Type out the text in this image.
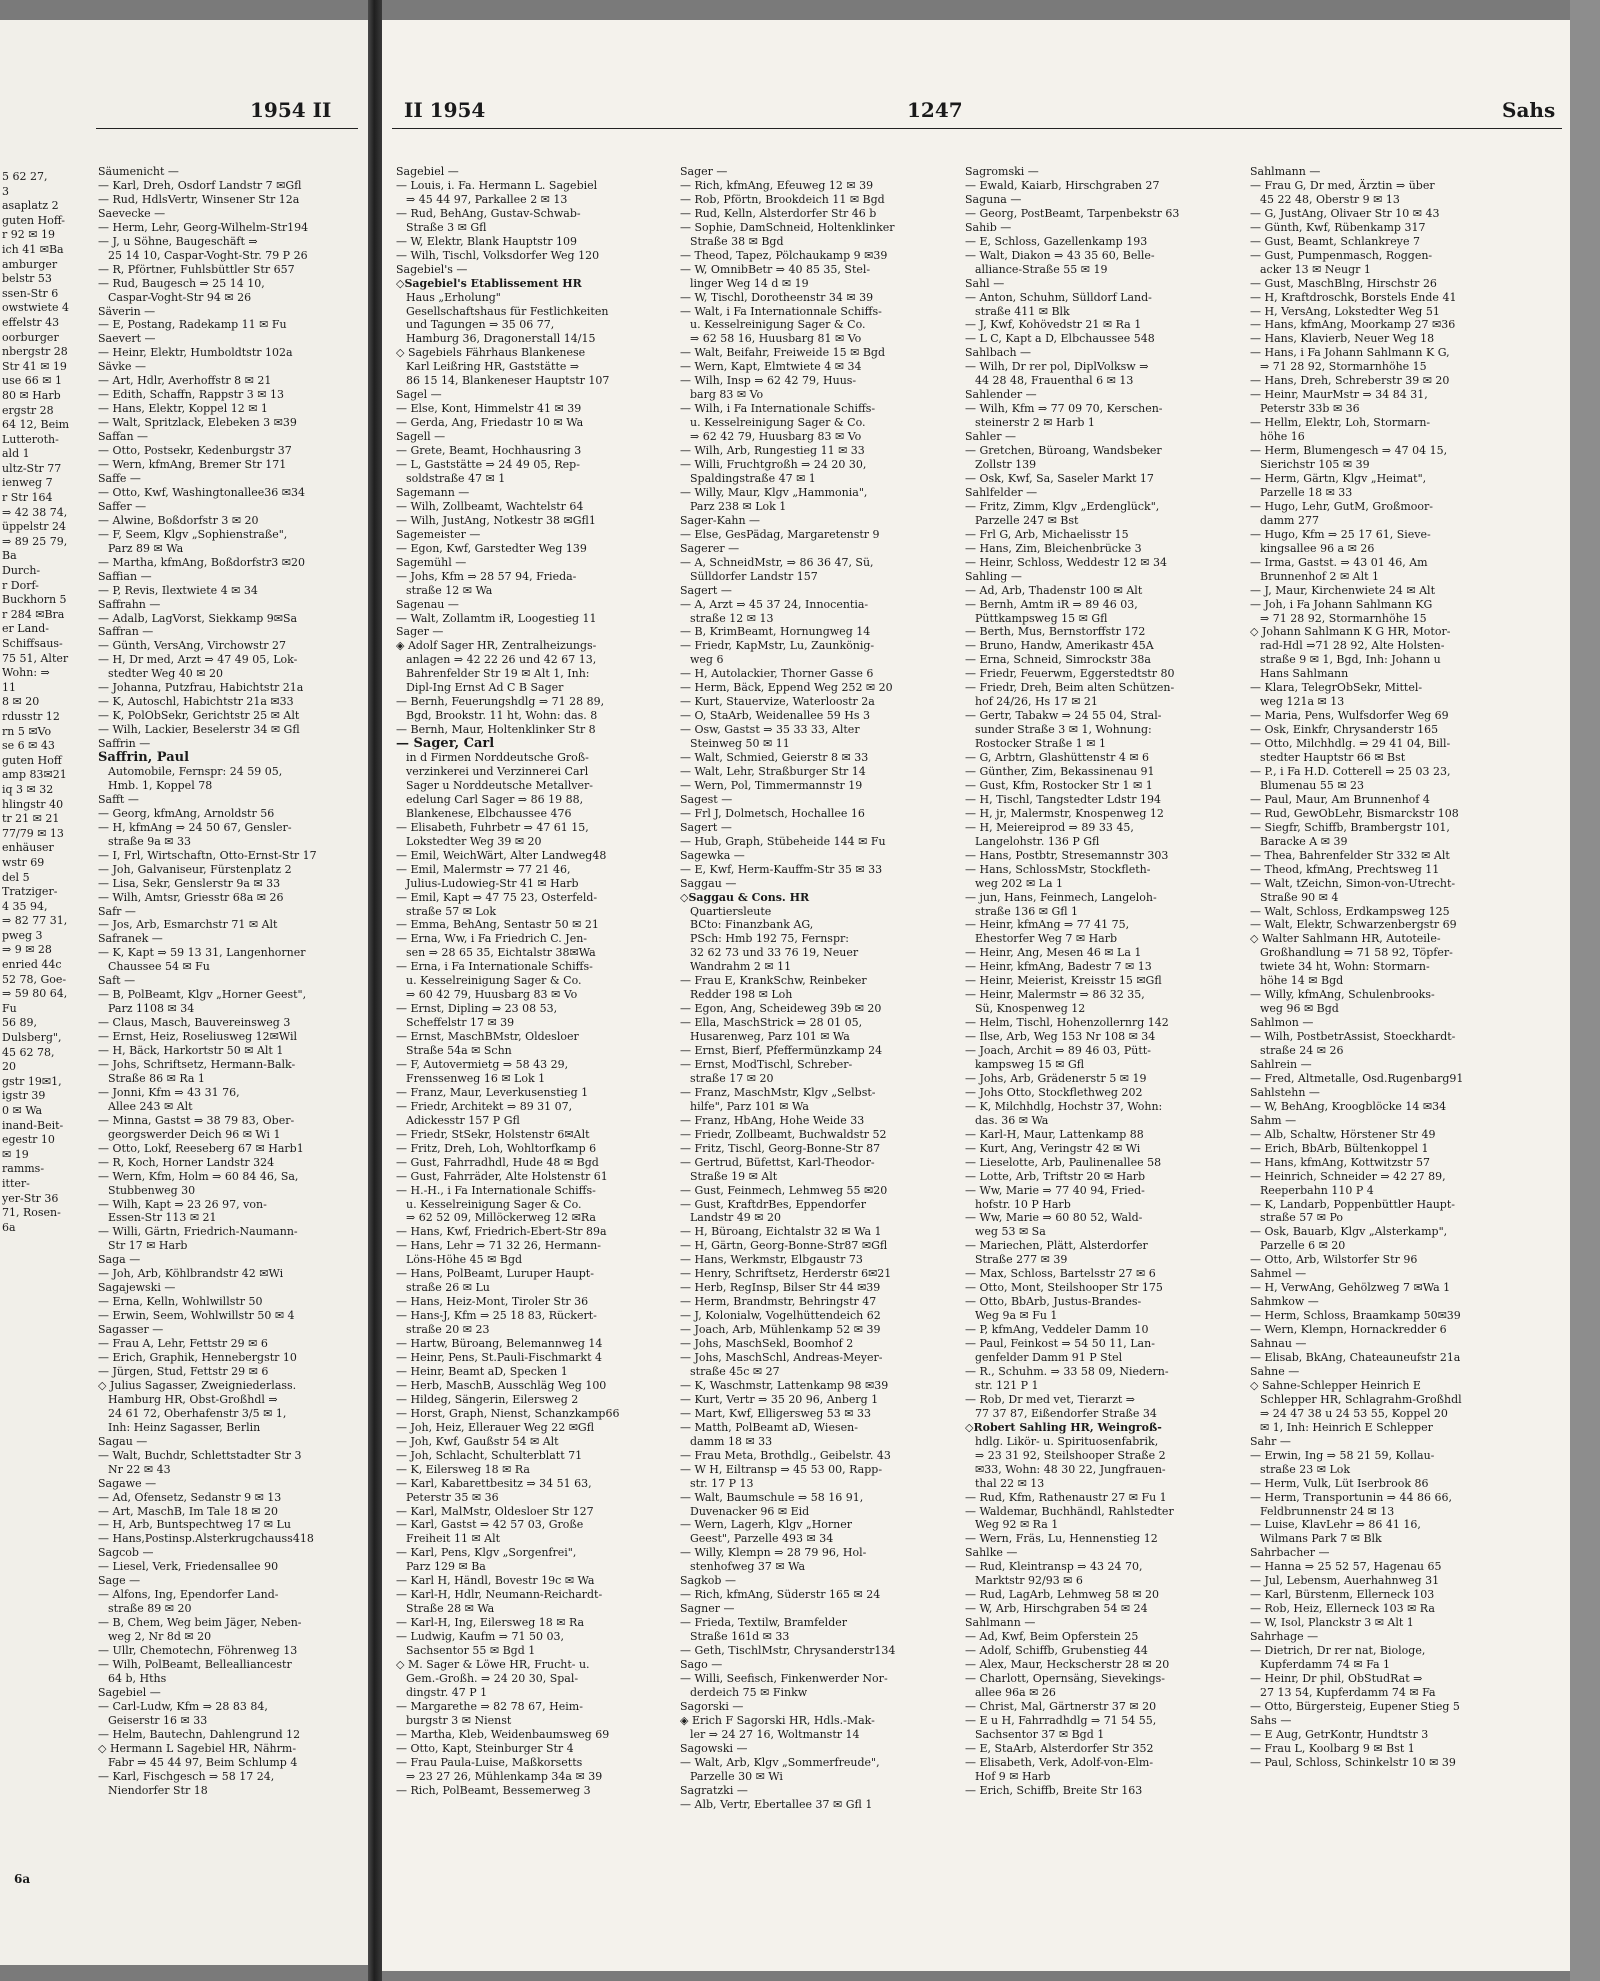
1954 II
5 62 27,
3
asaplatz 2
guten Hoff-
r 92 ✉ 19
ich 41 ✉Ba
amburger
belstr 53
ssen-Str 6
owstwiete 4
effelstr 43
oorburger
nbergstr 28
Str 41 ✉ 19
use 66 ✉ 1
80 ✉ Harb
ergstr 28
64 12, Beim
Lutteroth-
ald 1
ultz-Str 77
ienweg 7
r Str 164
⇒ 42 38 74,
üppelstr 24
⇒ 89 25 79,
Ba
Durch-
r Dorf-
Buckhorn 5
r 284 ✉Bra
er Land-
Schiffsaus-
75 51, Alter
Wohn: ⇒
11
8 ✉ 20
rdusstr 12
rn 5 ✉Vo
se 6 ✉ 43
guten Hoff
amp 83✉21
iq 3 ✉ 32
hlingstr 40
tr 21 ✉ 21
77/79 ✉ 13
enhäuser
wstr 69
del 5
Tratziger-
4 35 94,
⇒ 82 77 31,
pweg 3
⇒ 9 ✉ 28
enried 44c
52 78, Goe-
⇒ 59 80 64,
Fu
56 89,
Dulsberg",
45 62 78,
20
gstr 19✉1,
igstr 39
0 ✉ Wa
inand-Beit-
egestr 10
✉ 19
ramms-
itter-
yer-Str 36
71, Rosen-
6a
Säumenicht —
— Karl, Dreh, Osdorf Landstr 7 ✉Gfl
— Rud, HdlsVertr, Winsener Str 12a
Saevecke —
— Herm, Lehr, Georg-Wilhelm-Str194
— J, u Söhne, Baugeschäft ⇒
25 14 10, Caspar-Voght-Str. 79 P 26
— R, Pförtner, Fuhlsbüttler Str 657
— Rud, Baugesch ⇒ 25 14 10,
Caspar-Voght-Str 94 ✉ 26
Säverin —
— E, Postang, Radekamp 11 ✉ Fu
Saevert —
— Heinr, Elektr, Humboldtstr 102a
Sävke —
— Art, Hdlr, Averhoffstr 8 ✉ 21
— Edith, Schaffn, Rappstr 3 ✉ 13
— Hans, Elektr, Koppel 12 ✉ 1
— Walt, Spritzlack, Elebeken 3 ✉39
Saffan —
— Otto, Postsekr, Kedenburgstr 37
— Wern, kfmAng, Bremer Str 171
Saffe —
— Otto, Kwf, Washingtonallee36 ✉34
Saffer —
— Alwine, Boßdorfstr 3 ✉ 20
— F, Seem, Klgv „Sophienstraße",
Parz 89 ✉ Wa
— Martha, kfmAng, Boßdorfstr3 ✉20
Saffian —
— P, Revis, Ilextwiete 4 ✉ 34
Saffrahn —
— Adalb, LagVorst, Siekkamp 9✉Sa
Saffran —
— Günth, VersAng, Virchowstr 27
— H, Dr med, Arzt ⇒ 47 49 05, Lok-
stedter Weg 40 ✉ 20
— Johanna, Putzfrau, Habichtstr 21a
— K, Autoschl, Habichtstr 21a ✉33
— K, PolObSekr, Gerichtstr 25 ✉ Alt
— Wilh, Lackier, Beselerstr 34 ✉ Gfl
Saffrin —
Saffrin, Paul
Automobile, Fernspr: 24 59 05,
Hmb. 1, Koppel 78
Safft —
— Georg, kfmAng, Arnoldstr 56
— H, kfmAng ⇒ 24 50 67, Gensler-
straße 9a ✉ 33
— I, Frl, Wirtschaftn, Otto-Ernst-Str 17
— Joh, Galvaniseur, Fürstenplatz 2
— Lisa, Sekr, Genslerstr 9a ✉ 33
— Wilh, Amtsr, Griesstr 68a ✉ 26
Safr —
— Jos, Arb, Esmarchstr 71 ✉ Alt
Safranek —
— K, Kapt ⇒ 59 13 31, Langenhorner
Chaussee 54 ✉ Fu
Saft —
— B, PolBeamt, Klgv „Horner Geest",
Parz 1108 ✉ 34
— Claus, Masch, Bauvereinsweg 3
— Ernst, Heiz, Roseliusweg 12✉Wil
— H, Bäck, Harkortstr 50 ✉ Alt 1
— Johs, Schriftsetz, Hermann-Balk-
Straße 86 ✉ Ra 1
— Jonni, Kfm ⇒ 43 31 76,
Allee 243 ✉ Alt
— Minna, Gastst ⇒ 38 79 83, Ober-
georgswerder Deich 96 ✉ Wi 1
— Otto, Lokf, Reeseberg 67 ✉ Harb1
— R, Koch, Horner Landstr 324
— Wern, Kfm, Holm ⇒ 60 84 46, Sa,
Stubbenweg 30
— Wilh, Kapt ⇒ 23 26 97, von-
Essen-Str 113 ✉ 21
— Willi, Gärtn, Friedrich-Naumann-
Str 17 ✉ Harb
Saga —
— Joh, Arb, Köhlbrandstr 42 ✉Wi
Sagajewski —
— Erna, Kelln, Wohlwillstr 50
— Erwin, Seem, Wohlwillstr 50 ✉ 4
Sagasser —
— Frau A, Lehr, Fettstr 29 ✉ 6
— Erich, Graphik, Hennebergstr 10
— Jürgen, Stud, Fettstr 29 ✉ 6
◇ Julius Sagasser, Zweigniederlass.
Hamburg HR, Obst-Großhdl ⇒
24 61 72, Oberhafenstr 3/5 ✉ 1,
Inh: Heinz Sagasser, Berlin
Sagau —
— Walt, Buchdr, Schlettstadter Str 3
Nr 22 ✉ 43
Sagawe —
— Ad, Ofensetz, Sedanstr 9 ✉ 13
— Art, MaschB, Im Tale 18 ✉ 20
— H, Arb, Buntspechtweg 17 ✉ Lu
— Hans,Postinsp.Alsterkrugchauss418
Sagcob —
— Liesel, Verk, Friedensallee 90
Sage —
— Alfons, Ing, Ependorfer Land-
straße 89 ✉ 20
— B, Chem, Weg beim Jäger, Neben-
weg 2, Nr 8d ✉ 20
— Ullr, Chemotechn, Föhrenweg 13
— Wilh, PolBeamt, Bellealliancestr
64 b, Hths
Sagebiel —
— Carl-Ludw, Kfm ⇒ 28 83 84,
Geiserstr 16 ✉ 33
— Helm, Bautechn, Dahlengrund 12
◇ Hermann L Sagebiel HR, Nährm-
Fabr ⇒ 45 44 97, Beim Schlump 4
— Karl, Fischgesch ⇒ 58 17 24,
Niendorfer Str 18
6a
II 1954	1247	Sahs
Sagebiel —
— Louis, i. Fa. Hermann L. Sagebiel
⇒ 45 44 97, Parkallee 2 ✉ 13
— Rud, BehAng, Gustav-Schwab-
Straße 3 ✉ Gfl
— W, Elektr, Blank Hauptstr 109
— Wilh, Tischl, Volksdorfer Weg 120
Sagebiel's —
◇Sagebiel's Etablissement HR
Haus „Erholung"
Gesellschaftshaus für Festlichkeiten
und Tagungen ⇒ 35 06 77,
Hamburg 36, Dragonerstall 14/15
◇ Sagebiels Fährhaus Blankenese
Karl Leißring HR, Gaststätte ⇒
86 15 14, Blankeneser Hauptstr 107
Sagel —
— Else, Kont, Himmelstr 41 ✉ 39
— Gerda, Ang, Friedastr 10 ✉ Wa
Sagell —
— Grete, Beamt, Hochhausring 3
— L, Gaststätte ⇒ 24 49 05, Rep-
soldstraße 47 ✉ 1
Sagemann —
— Wilh, Zollbeamt, Wachtelstr 64
— Wilh, JustAng, Notkestr 38 ✉Gfl1
Sagemeister —
— Egon, Kwf, Garstedter Weg 139
Sagemühl —
— Johs, Kfm ⇒ 28 57 94, Frieda-
straße 12 ✉ Wa
Sagenau —
— Walt, Zollamtm iR, Loogestieg 11
Sager —
◈ Adolf Sager HR, Zentralheizungs-
anlagen ⇒ 42 22 26 und 42 67 13,
Bahrenfelder Str 19 ✉ Alt 1, Inh:
Dipl-Ing Ernst Ad C B Sager
— Bernh, Feuerungshdlg ⇒ 71 28 89,
Bgd, Brookstr. 11 ht, Wohn: das. 8
— Bernh, Maur, Holtenklinker Str 8
— Sager, Carl
in d Firmen Norddeutsche Groß-
verzinkerei und Verzinnerei Carl
Sager u Norddeutsche Metallver-
edelung Carl Sager ⇒ 86 19 88,
Blankenese, Elbchaussee 476
— Elisabeth, Fuhrbetr ⇒ 47 61 15,
Lokstedter Weg 39 ✉ 20
— Emil, WeichWärt, Alter Landweg48
— Emil, Malermstr ⇒ 77 21 46,
Julius-Ludowieg-Str 41 ✉ Harb
— Emil, Kapt ⇒ 47 75 23, Osterfeld-
straße 57 ✉ Lok
— Emma, BehAng, Sentastr 50 ✉ 21
— Erna, Ww, i Fa Friedrich C. Jen-
sen ⇒ 28 65 35, Eichtalstr 38✉Wa
— Erna, i Fa Internationale Schiffs-
u. Kesselreinigung Sager & Co.
⇒ 60 42 79, Huusbarg 83 ✉ Vo
— Ernst, Dipling ⇒ 23 08 53,
Scheffelstr 17 ✉ 39
— Ernst, MaschBMstr, Oldesloer
Straße 54a ✉ Schn
— F, Autovermietg ⇒ 58 43 29,
Frenssenweg 16 ✉ Lok 1
— Franz, Maur, Leverkusenstieg 1
— Friedr, Architekt ⇒ 89 31 07,
Adickesstr 157 P Gfl
— Friedr, StSekr, Holstenstr 6✉Alt
— Fritz, Dreh, Loh, Wohltorfkamp 6
— Gust, Fahrradhdl, Hude 48 ✉ Bgd
— Gust, Fahrräder, Alte Holstenstr 61
— H.-H., i Fa Internationale Schiffs-
u. Kesselreinigung Sager & Co.
⇒ 62 52 09, Millöckerweg 12 ✉Ra
— Hans, Kwf, Friedrich-Ebert-Str 89a
— Hans, Lehr ⇒ 71 32 26, Hermann-
Löns-Höhe 45 ✉ Bgd
— Hans, PolBeamt, Luruper Haupt-
straße 26 ✉ Lu
— Hans, Heiz-Mont, Tiroler Str 36
— Hans-J, Kfm ⇒ 25 18 83, Rückert-
straße 20 ✉ 23
— Hartw, Büroang, Belemannweg 14
— Heinr, Pens, St.Pauli-Fischmarkt 4
— Heinr, Beamt aD, Specken 1
— Herb, MaschB, Ausschläg Weg 100
— Hildeg, Sängerin, Eilersweg 2
— Horst, Graph, Nienst, Schanzkamp66
— Joh, Heiz, Ellerauer Weg 22 ✉Gfl
— Joh, Kwf, Gaußstr 54 ✉ Alt
— Joh, Schlacht, Schulterblatt 71
— K, Eilersweg 18 ✉ Ra
— Karl, Kabarettbesitz ⇒ 34 51 63,
Peterstr 35 ✉ 36
— Karl, MalMstr, Oldesloer Str 127
— Karl, Gastst ⇒ 42 57 03, Große
Freiheit 11 ✉ Alt
— Karl, Pens, Klgv „Sorgenfrei",
Parz 129 ✉ Ba
— Karl H, Händl, Bovestr 19c ✉ Wa
— Karl-H, Hdlr, Neumann-Reichardt-
Straße 28 ✉ Wa
— Karl-H, Ing, Eilersweg 18 ✉ Ra
— Ludwig, Kaufm ⇒ 71 50 03,
Sachsentor 55 ✉ Bgd 1
◇ M. Sager & Löwe HR, Frucht- u.
Gem.-Großh. ⇒ 24 20 30, Spal-
dingstr. 47 P 1
— Margarethe ⇒ 82 78 67, Heim-
burgstr 3 ✉ Nienst
— Martha, Kleb, Weidenbaumsweg 69
— Otto, Kapt, Steinburger Str 4
— Frau Paula-Luise, Maßkorsetts
⇒ 23 27 26, Mühlenkamp 34a ✉ 39
— Rich, PolBeamt, Bessemerweg 3
Sager —
— Rich, kfmAng, Efeuweg 12 ✉ 39
— Rob, Pförtn, Brookdeich 11 ✉ Bgd
— Rud, Kelln, Alsterdorfer Str 46 b
— Sophie, DamSchneid, Holtenklinker
Straße 38 ✉ Bgd
— Theod, Tapez, Pölchaukamp 9 ✉39
— W, OmnibBetr ⇒ 40 85 35, Stel-
linger Weg 14 d ✉ 19
— W, Tischl, Dorotheenstr 34 ✉ 39
— Walt, i Fa Internationnale Schiffs-
u. Kesselreinigung Sager & Co.
⇒ 62 58 16, Huusbarg 81 ✉ Vo
— Walt, Beifahr, Freiweide 15 ✉ Bgd
— Wern, Kapt, Elmtwiete 4 ✉ 34
— Wilh, Insp ⇒ 62 42 79, Huus-
barg 83 ✉ Vo
— Wilh, i Fa Internationale Schiffs-
u. Kesselreinigung Sager & Co.
⇒ 62 42 79, Huusbarg 83 ✉ Vo
— Wilh, Arb, Rungestieg 11 ✉ 33
— Willi, Fruchtgroßh ⇒ 24 20 30,
Spaldingstraße 47 ✉ 1
— Willy, Maur, Klgv „Hammonia",
Parz 238 ✉ Lok 1
Sager-Kahn —
— Else, GesPädag, Margaretenstr 9
Sagerer —
— A, SchneidMstr, ⇒ 86 36 47, Sü,
Sülldorfer Landstr 157
Sagert —
— A, Arzt ⇒ 45 37 24, Innocentia-
straße 12 ✉ 13
— B, KrimBeamt, Hornungweg 14
— Friedr, KapMstr, Lu, Zaunkönig-
weg 6
— H, Autolackier, Thorner Gasse 6
— Herm, Bäck, Eppend Weg 252 ✉ 20
— Kurt, Stauervize, Waterloostr 2a
— O, StaArb, Weidenallee 59 Hs 3
— Osw, Gastst ⇒ 35 33 33, Alter
Steinweg 50 ✉ 11
— Walt, Schmied, Geierstr 8 ✉ 33
— Walt, Lehr, Straßburger Str 14
— Wern, Pol, Timmermannstr 19
Sagest —
— Frl J, Dolmetsch, Hochallee 16
Sagert —
— Hub, Graph, Stübeheide 144 ✉ Fu
Sagewka —
— E, Kwf, Herm-Kauffm-Str 35 ✉ 33
Saggau —
◇Saggau & Cons. HR
Quartiersleute
BCto: Finanzbank AG,
PSch: Hmb 192 75, Fernspr:
32 62 73 und 33 76 19, Neuer
Wandrahm 2 ✉ 11
— Frau E, KrankSchw, Reinbeker
Redder 198 ✉ Loh
— Egon, Ang, Scheideweg 39b ✉ 20
— Ella, MaschStrick ⇒ 28 01 05,
Husarenweg, Parz 101 ✉ Wa
— Ernst, Bierf, Pfeffermünzkamp 24
— Ernst, ModTischl, Schreber-
straße 17 ✉ 20
— Franz, MaschMstr, Klgv „Selbst-
hilfe", Parz 101 ✉ Wa
— Franz, HbAng, Hohe Weide 33
— Friedr, Zollbeamt, Buchwaldstr 52
— Fritz, Tischl, Georg-Bonne-Str 87
— Gertrud, Büfettst, Karl-Theodor-
Straße 19 ✉ Alt
— Gust, Feinmech, Lehmweg 55 ✉20
— Gust, KraftdrBes, Eppendorfer
Landstr 49 ✉ 20
— H, Büroang, Eichtalstr 32 ✉ Wa 1
— H, Gärtn, Georg-Bonne-Str87 ✉Gfl
— Hans, Werkmstr, Elbgaustr 73
— Henry, Schriftsetz, Herderstr 6✉21
— Herb, RegInsp, Bilser Str 44 ✉39
— Herm, Brandmstr, Behringstr 47
— J, Kolonialw, Vogelhüttendeich 62
— Joach, Arb, Mühlenkamp 52 ✉ 39
— Johs, MaschSekl, Boomhof 2
— Johs, MaschSchl, Andreas-Meyer-
straße 45c ✉ 27
— K, Waschmstr, Lattenkamp 98 ✉39
— Kurt, Vertr ⇒ 35 20 96, Anberg 1
— Mart, Kwf, Elligersweg 53 ✉ 33
— Matth, PolBeamt aD, Wiesen-
damm 18 ✉ 33
— Frau Meta, Brothdlg., Geibelstr. 43
— W H, Eiltransp ⇒ 45 53 00, Rapp-
str. 17 P 13
— Walt, Baumschule ⇒ 58 16 91,
Duvenacker 96 ✉ Eid
— Wern, Lagerh, Klgv „Horner
Geest", Parzelle 493 ✉ 34
— Willy, Klempn ⇒ 28 79 96, Hol-
stenhofweg 37 ✉ Wa
Sagkob —
— Rich, kfmAng, Süderstr 165 ✉ 24
Sagner —
— Frieda, Textilw, Bramfelder
Straße 161d ✉ 33
— Geth, TischlMstr, Chrysanderstr134
Sago —
— Willi, Seefisch, Finkenwerder Nor-
derdeich 75 ✉ Finkw
Sagorski —
◈ Erich F Sagorski HR, Hdls.-Mak-
ler ⇒ 24 27 16, Woltmanstr 14
Sagowski —
— Walt, Arb, Klgv „Sommerfreude",
Parzelle 30 ✉ Wi
Sagratzki —
— Alb, Vertr, Ebertallee 37 ✉ Gfl 1
Sagromski —
— Ewald, Kaiarb, Hirschgraben 27
Saguna —
— Georg, PostBeamt, Tarpenbekstr 63
Sahib —
— E, Schloss, Gazellenkamp 193
— Walt, Diakon ⇒ 43 35 60, Belle-
alliance-Straße 55 ✉ 19
Sahl —
— Anton, Schuhm, Sülldorf Land-
straße 411 ✉ Blk
— J, Kwf, Kohövedstr 21 ✉ Ra 1
— L C, Kapt a D, Elbchaussee 548
Sahlbach —
— Wilh, Dr rer pol, DiplVolksw ⇒
44 28 48, Frauenthal 6 ✉ 13
Sahlender —
— Wilh, Kfm ⇒ 77 09 70, Kerschen-
steinerstr 2 ✉ Harb 1
Sahler —
— Gretchen, Büroang, Wandsbeker
Zollstr 139
— Osk, Kwf, Sa, Saseler Markt 17
Sahlfelder —
— Fritz, Zimm, Klgv „Erdenglück",
Parzelle 247 ✉ Bst
— Frl G, Arb, Michaelisstr 15
— Hans, Zim, Bleichenbrücke 3
— Heinr, Schloss, Weddestr 12 ✉ 34
Sahling —
— Ad, Arb, Thadenstr 100 ✉ Alt
— Bernh, Amtm iR ⇒ 89 46 03,
Püttkampsweg 15 ✉ Gfl
— Berth, Mus, Bernstorffstr 172
— Bruno, Handw, Amerikastr 45A
— Erna, Schneid, Simrockstr 38a
— Friedr, Feuerwm, Eggerstedtstr 80
— Friedr, Dreh, Beim alten Schützen-
hof 24/26, Hs 17 ✉ 21
— Gertr, Tabakw ⇒ 24 55 04, Stral-
sunder Straße 3 ✉ 1, Wohnung:
Rostocker Straße 1 ✉ 1
— G, Arbtrn, Glashüttenstr 4 ✉ 6
— Günther, Zim, Bekassinenau 91
— Gust, Kfm, Rostocker Str 1 ✉ 1
— H, Tischl, Tangstedter Ldstr 194
— H, jr, Malermstr, Knospenweg 12
— H, Meiereiprod ⇒ 89 33 45,
Langelohstr. 136 P Gfl
— Hans, Postbtr, Stresemannstr 303
— Hans, SchlossMstr, Stockfleth-
weg 202 ✉ La 1
— jun, Hans, Feinmech, Langeloh-
straße 136 ✉ Gfl 1
— Heinr, kfmAng ⇒ 77 41 75,
Ehestorfer Weg 7 ✉ Harb
— Heinr, Ang, Mesen 46 ✉ La 1
— Heinr, kfmAng, Badestr 7 ✉ 13
— Heinr, Meierist, Kreisstr 15 ✉Gfl
— Heinr, Malermstr ⇒ 86 32 35,
Sü, Knospenweg 12
— Helm, Tischl, Hohenzollernrg 142
— Ilse, Arb, Weg 153 Nr 108 ✉ 34
— Joach, Archit ⇒ 89 46 03, Pütt-
kampsweg 15 ✉ Gfl
— Johs, Arb, Grädenerstr 5 ✉ 19
— Johs Otto, Stockflethweg 202
— K, Milchhdlg, Hochstr 37, Wohn:
das. 36 ✉ Wa
— Karl-H, Maur, Lattenkamp 88
— Kurt, Ang, Veringstr 42 ✉ Wi
— Lieselotte, Arb, Paulinenallee 58
— Lotte, Arb, Triftstr 20 ✉ Harb
— Ww, Marie ⇒ 77 40 94, Fried-
hofstr. 10 P Harb
— Ww, Marie ⇒ 60 80 52, Wald-
weg 53 ✉ Sa
— Mariechen, Plätt, Alsterdorfer
Straße 277 ✉ 39
— Max, Schloss, Bartelsstr 27 ✉ 6
— Otto, Mont, Steilshooper Str 175
— Otto, BbArb, Justus-Brandes-
Weg 9a ✉ Fu 1
— P, kfmAng, Veddeler Damm 10
— Paul, Feinkost ⇒ 54 50 11, Lan-
genfelder Damm 91 P Stel
— R., Schuhm. ⇒ 33 58 09, Niedern-
str. 121 P 1
— Rob, Dr med vet, Tierarzt ⇒
77 37 87, Eißendorfer Straße 34
◇Robert Sahling HR, Weingroß-
hdlg. Likör- u. Spirituosenfabrik,
⇒ 23 31 92, Steilshooper Straße 2
✉33, Wohn: 48 30 22, Jungfrauen-
thal 22 ✉ 13
— Rud, Kfm, Rathenaustr 27 ✉ Fu 1
— Waldemar, Buchhändl, Rahlstedter
Weg 92 ✉ Ra 1
— Wern, Fräs, Lu, Hennenstieg 12
Sahlke —
— Rud, Kleintransp ⇒ 43 24 70,
Marktstr 92/93 ✉ 6
— Rud, LagArb, Lehmweg 58 ✉ 20
— W, Arb, Hirschgraben 54 ✉ 24
Sahlmann —
— Ad, Kwf, Beim Opferstein 25
— Adolf, Schiffb, Grubenstieg 44
— Alex, Maur, Heckscherstr 28 ✉ 20
— Charlott, Opernsäng, Sievekings-
allee 96a ✉ 26
— Christ, Mal, Gärtnerstr 37 ✉ 20
— E u H, Fahrradhdlg ⇒ 71 54 55,
Sachsentor 37 ✉ Bgd 1
— E, StaArb, Alsterdorfer Str 352
— Elisabeth, Verk, Adolf-von-Elm-
Hof 9 ✉ Harb
— Erich, Schiffb, Breite Str 163
Sahlmann —
— Frau G, Dr med, Ärztin ⇒ über
45 22 48, Oberstr 9 ✉ 13
— G, JustAng, Olivaer Str 10 ✉ 43
— Günth, Kwf, Rübenkamp 317
— Gust, Beamt, Schlankreye 7
— Gust, Pumpenmasch, Roggen-
acker 13 ✉ Neugr 1
— Gust, MaschBlng, Hirschstr 26
— H, Kraftdroschk, Borstels Ende 41
— H, VersAng, Lokstedter Weg 51
— Hans, kfmAng, Moorkamp 27 ✉36
— Hans, Klavierb, Neuer Weg 18
— Hans, i Fa Johann Sahlmann K G,
⇒ 71 28 92, Stormarnhöhe 15
— Hans, Dreh, Schreberstr 39 ✉ 20
— Heinr, MaurMstr ⇒ 34 84 31,
Peterstr 33b ✉ 36
— Hellm, Elektr, Loh, Stormarn-
höhe 16
— Herm, Blumengesch ⇒ 47 04 15,
Sierichstr 105 ✉ 39
— Herm, Gärtn, Klgv „Heimat",
Parzelle 18 ✉ 33
— Hugo, Lehr, GutM, Großmoor-
damm 277
— Hugo, Kfm ⇒ 25 17 61, Sieve-
kingsallee 96 a ✉ 26
— Irma, Gastst. ⇒ 43 01 46, Am
Brunnenhof 2 ✉ Alt 1
— J, Maur, Kirchenwiete 24 ✉ Alt
— Joh, i Fa Johann Sahlmann KG
⇒ 71 28 92, Stormarnhöhe 15
◇ Johann Sahlmann K G HR, Motor-
rad-Hdl ⇒71 28 92, Alte Holsten-
straße 9 ✉ 1, Bgd, Inh: Johann u
Hans Sahlmann
— Klara, TelegrObSekr, Mittel-
weg 121a ✉ 13
— Maria, Pens, Wulfsdorfer Weg 69
— Osk, Einkfr, Chrysanderstr 165
— Otto, Milchhdlg. ⇒ 29 41 04, Bill-
stedter Hauptstr 66 ✉ Bst
— P., i Fa H.D. Cotterell ⇒ 25 03 23,
Blumenau 55 ✉ 23
— Paul, Maur, Am Brunnenhof 4
— Rud, GewObLehr, Bismarckstr 108
— Siegfr, Schiffb, Brambergstr 101,
Baracke A ✉ 39
— Thea, Bahrenfelder Str 332 ✉ Alt
— Theod, kfmAng, Prechtsweg 11
— Walt, tZeichn, Simon-von-Utrecht-
Straße 90 ✉ 4
— Walt, Schloss, Erdkampsweg 125
— Walt, Elektr, Schwarzenbergstr 69
◇ Walter Sahlmann HR, Autoteile-
Großhandlung ⇒ 71 58 92, Töpfer-
twiete 34 ht, Wohn: Stormarn-
höhe 14 ✉ Bgd
— Willy, kfmAng, Schulenbrooks-
weg 96 ✉ Bgd
Sahlmon —
— Wilh, PostbetrAssist, Stoeckhardt-
straße 24 ✉ 26
Sahlrein —
— Fred, Altmetalle, Osd.Rugenbarg91
Sahlstehn —
— W, BehAng, Kroogblöcke 14 ✉34
Sahm —
— Alb, Schaltw, Hörstener Str 49
— Erich, BbArb, Bültenkoppel 1
— Hans, kfmAng, Kottwitzstr 57
— Heinrich, Schneider ⇒ 42 27 89,
Reeperbahn 110 P 4
— K, Landarb, Poppenbüttler Haupt-
straße 57 ✉ Po
— Osk, Bauarb, Klgv „Alsterkamp",
Parzelle 6 ✉ 20
— Otto, Arb, Wilstorfer Str 96
Sahmel —
— H, VerwAng, Gehölzweg 7 ✉Wa 1
Sahmkow —
— Herm, Schloss, Braamkamp 50✉39
— Wern, Klempn, Hornackredder 6
Sahnau —
— Elisab, BkAng, Chateauneufstr 21a
Sahne —
◇ Sahne-Schlepper Heinrich E
Schlepper HR, Schlagrahm-Großhdl
⇒ 24 47 38 u 24 53 55, Koppel 20
✉ 1, Inh: Heinrich E Schlepper
Sahr —
— Erwin, Ing ⇒ 58 21 59, Kollau-
straße 23 ✉ Lok
— Herm, Vulk, Lüt Iserbrook 86
— Herm, Transportunin ⇒ 44 86 66,
Feldbrunnenstr 24 ✉ 13
— Luise, KlavLehr ⇒ 86 41 16,
Wilmans Park 7 ✉ Blk
Sahrbacher —
— Hanna ⇒ 25 52 57, Hagenau 65
— Jul, Lebensm, Auerhahnweg 31
— Karl, Bürstenm, Ellerneck 103
— Rob, Heiz, Ellerneck 103 ✉ Ra
— W, Isol, Planckstr 3 ✉ Alt 1
Sahrhage —
— Dietrich, Dr rer nat, Biologe,
Kupferdamm 74 ✉ Fa 1
— Heinr, Dr phil, ObStudRat ⇒
27 13 54, Kupferdamm 74 ✉ Fa
— Otto, Bürgersteig, Eupener Stieg 5
Sahs —
— E Aug, GetrKontr, Hundtstr 3
— Frau L, Koolbarg 9 ✉ Bst 1
— Paul, Schloss, Schinkelstr 10 ✉ 39
